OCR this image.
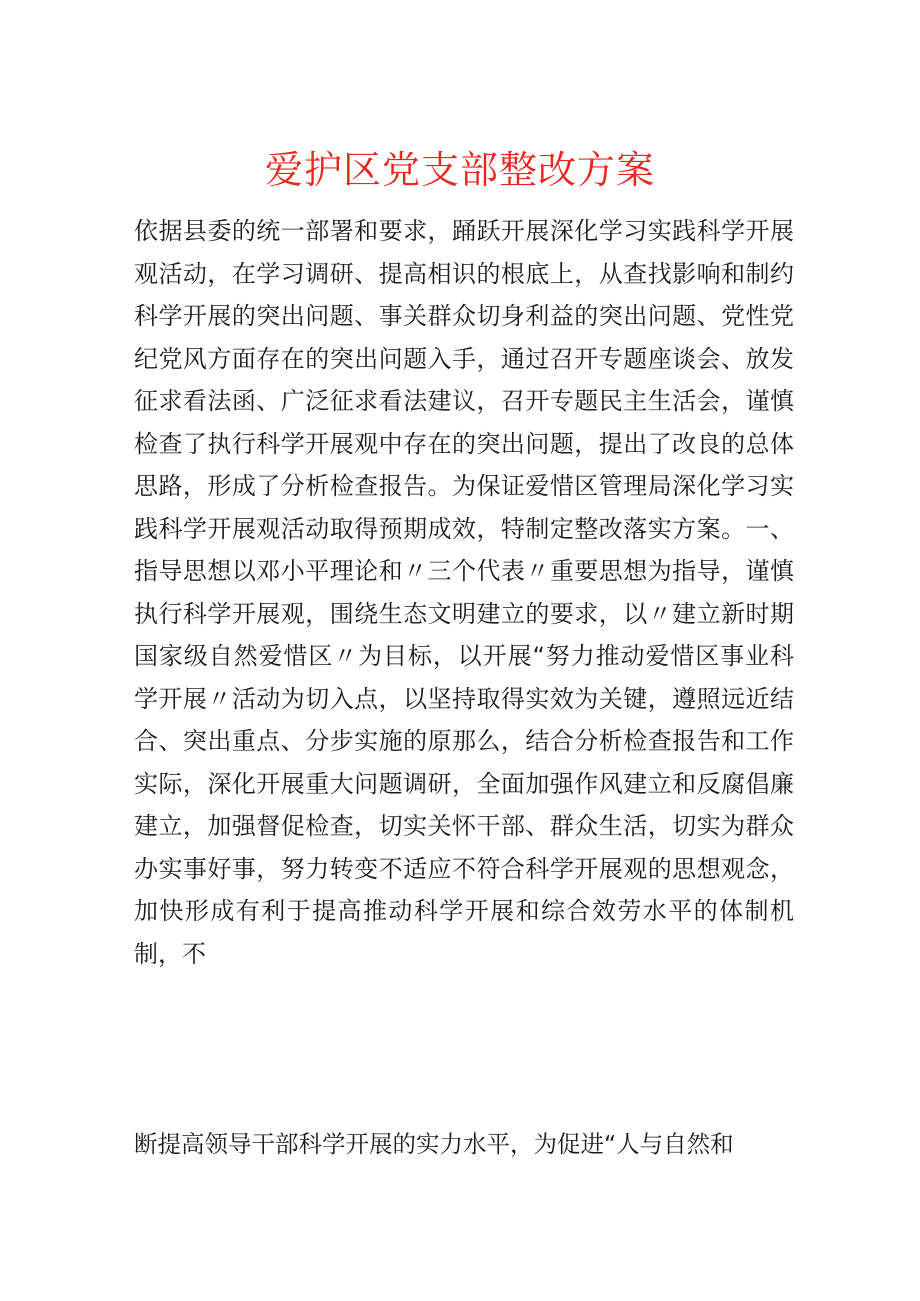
爱护区党支部整改方案

依据县委的统一部署和要求，踊跃开展深化学习实践科学开展观活动，在学习调研、提高相识的根底上，从查找影响和制约科学开展的突出问题、事关群众切身利益的突出问题、党性党纪党风方面存在的突出问题入手，通过召开专题座谈会、放发征求看法函、广泛征求看法建议，召开专题民主生活会，谨慎检查了执行科学开展观中存在的突出问题，提出了改良的总体思路，形成了分析检查报告。为保证爱惜区管理局深化学习实践科学开展观活动取得预期成效，特制定整改落实方案。一、指导思想以邓小平理论和〃三个代表〃重要思想为指导，谨慎执行科学开展观，围绕生态文明建立的要求，以〃建立新时期国家级自然爱惜区〃为目标，以开展“努力推动爱惜区事业科学开展〃活动为切入点，以坚持取得实效为关键，遵照远近结合、突出重点、分步实施的原那么，结合分析检查报告和工作实际，深化开展重大问题调研，全面加强作风建立和反腐倡廉建立，加强督促检查，切实关怀干部、群众生活，切实为群众办实事好事，努力转变不适应不符合科学开展观的思想观念，加快形成有利于提高推动科学开展和综合效劳水平的体制机制，不

断提高领导干部科学开展的实力水平，为促进“人与自然和
